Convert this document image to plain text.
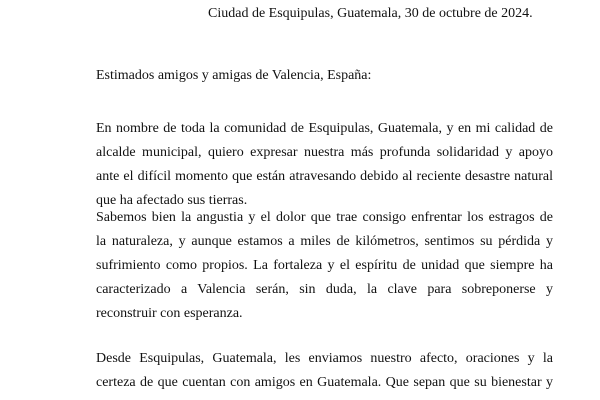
Ciudad de Esquipulas, Guatemala, 30 de octubre de 2024.
Estimados amigos y amigas de Valencia, España:
En nombre de toda la comunidad de Esquipulas, Guatemala, y en mi calidad de
alcalde municipal, quiero expresar nuestra más profunda solidaridad y apoyo
ante el difícil momento que están atravesando debido al reciente desastre natural
que ha afectado sus tierras.
Sabemos bien la angustia y el dolor que trae consigo enfrentar los estragos de
la naturaleza, y aunque estamos a miles de kilómetros, sentimos su pérdida y
sufrimiento como propios. La fortaleza y el espíritu de unidad que siempre ha
caracterizado a Valencia serán, sin duda, la clave para sobreponerse y
reconstruir con esperanza.
Desde Esquipulas, Guatemala, les enviamos nuestro afecto, oraciones y la
certeza de que cuentan con amigos en Guatemala. Que sepan que su bienestar y
